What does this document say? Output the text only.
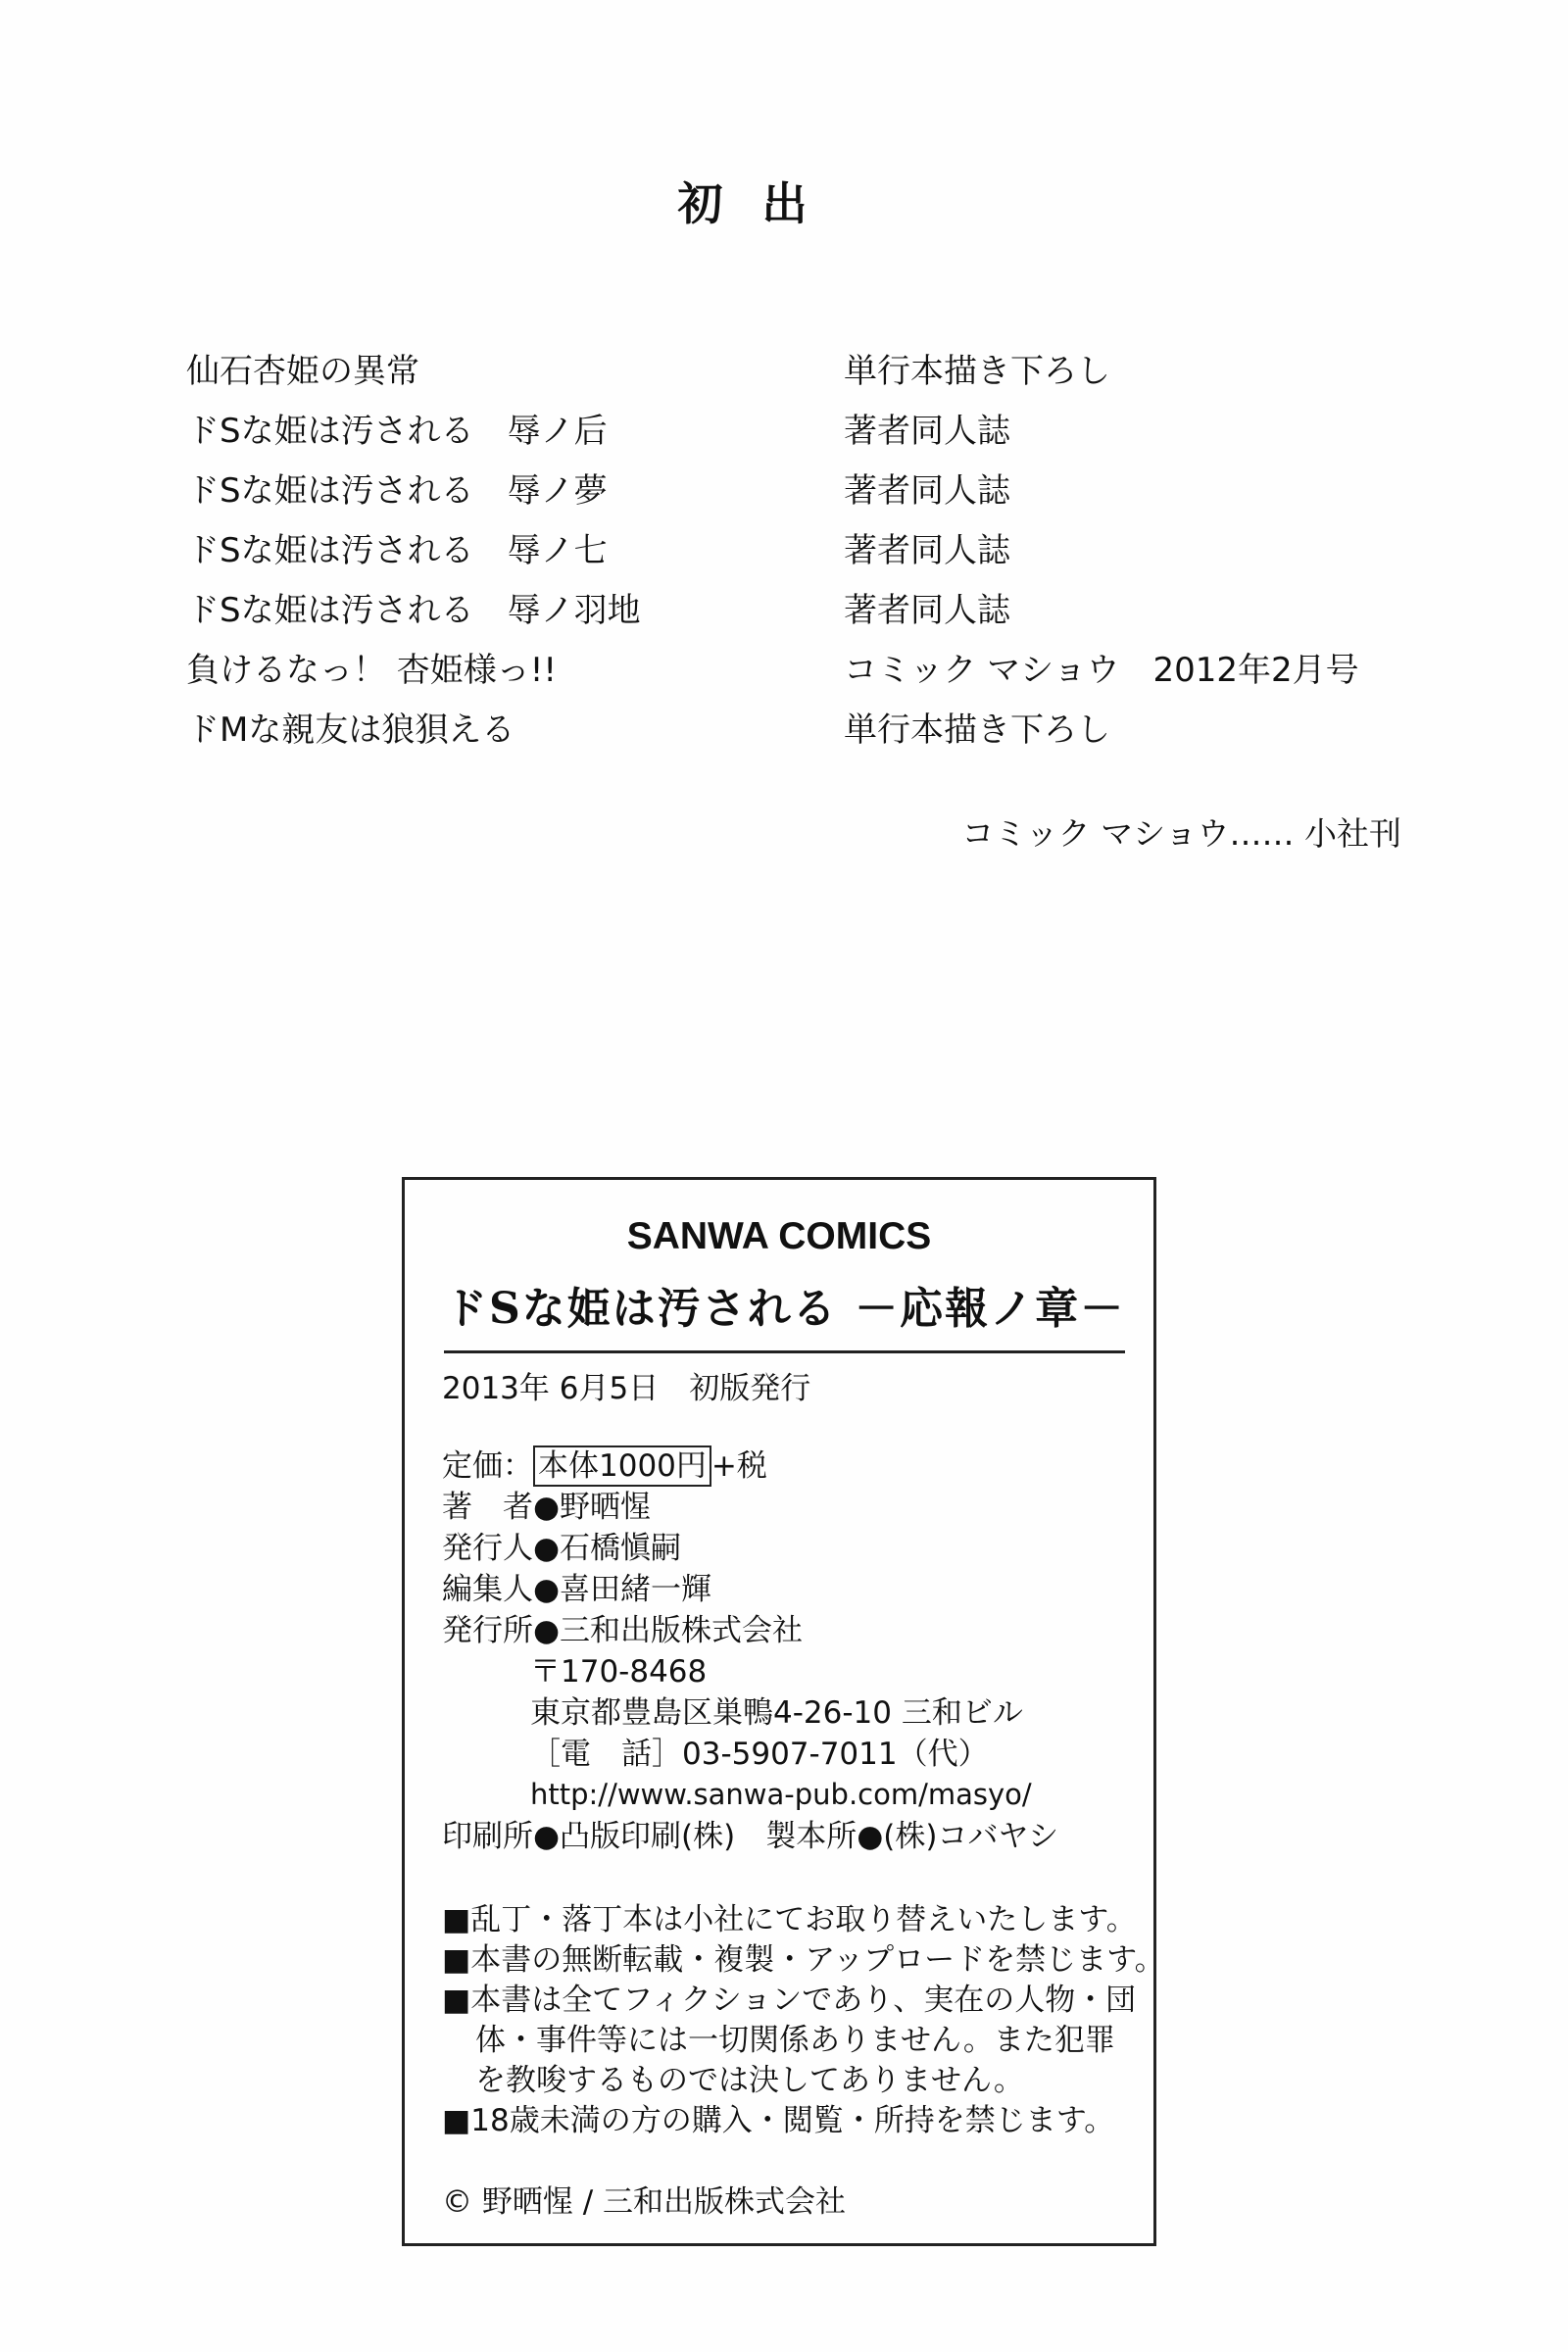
初出
仙石杏姫の異常	単行本描き下ろし
ドSな姫は汚される　辱ノ后	著者同人誌
ドSな姫は汚される　辱ノ夢	著者同人誌
ドSな姫は汚される　辱ノ七	著者同人誌
ドSな姫は汚される　辱ノ羽地	著者同人誌
負けるなっ！ 杏姫様っ!!	コミック マショウ　2012年2月号
ドMな親友は狼狽える	単行本描き下ろし
コミック マショウ…… 小社刊
SANWA COMICS
ドSな姫は汚される －応報ノ章－
2013年 6月5日　初版発行
定価： 本体1000円 +税
著　者●野晒惺
発行人●石橋愼嗣
編集人●喜田緒一輝
発行所●三和出版株式会社
〒170-8468
東京都豊島区巣鴨4-26-10 三和ビル
［電　話］03-5907-7011（代）
http://www.sanwa-pub.com/masyo/
印刷所●凸版印刷(株)　製本所●(株)コバヤシ
■乱丁・落丁本は小社にてお取り替えいたします。
■本書の無断転載・複製・アップロードを禁じます。
■本書は全てフィクションであり、実在の人物・団
体・事件等には一切関係ありません。また犯罪
を教唆するものでは決してありません。
■18歳未満の方の購入・閲覧・所持を禁じます。
© 野晒惺 / 三和出版株式会社
